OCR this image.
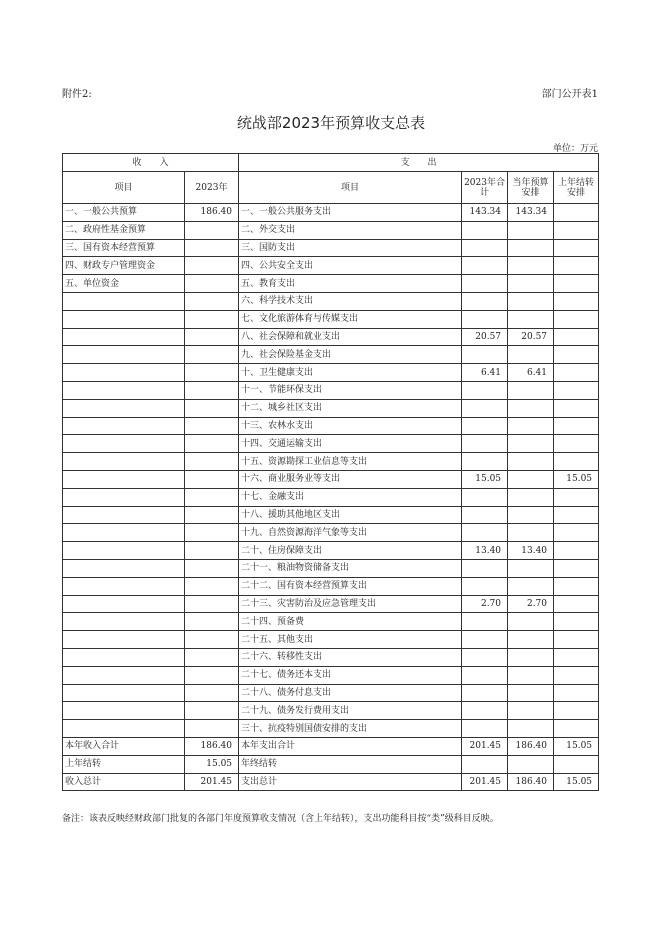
附件2:	部门公开表1
统战部2023年预算收支总表
单位：万元
收　　入		支　　出			
项目	2023年	项目	2023年合计	当年预算安排	上年结转安排
一、一般公共预算	186.40	一、一般公共服务支出	143.34	143.34	
二、政府性基金预算		二、外交支出			
三、国有资本经营预算		三、国防支出			
四、财政专户管理资金		四、公共安全支出			
五、单位资金		五、教育支出			
		六、科学技术支出			
		七、文化旅游体育与传媒支出			
		八、社会保障和就业支出	20.57	20.57	
		九、社会保险基金支出			
		十、卫生健康支出	6.41	6.41	
		十一、节能环保支出			
		十二、城乡社区支出			
		十三、农林水支出			
		十四、交通运输支出			
		十五、资源勘探工业信息等支出			
		十六、商业服务业等支出	15.05		15.05
		十七、金融支出			
		十八、援助其他地区支出			
		十九、自然资源海洋气象等支出			
		二十、住房保障支出	13.40	13.40	
		二十一、粮油物资储备支出			
		二十二、国有资本经营预算支出			
		二十三、灾害防治及应急管理支出	2.70	2.70	
		二十四、预备费			
		二十五、其他支出			
		二十六、转移性支出			
		二十七、债务还本支出			
		二十八、债务付息支出			
		二十九、债务发行费用支出			
		三十、抗疫特别国债安排的支出			
本年收入合计	186.40	本年支出合计	201.45	186.40	15.05
上年结转	15.05	年终结转			
收入总计	201.45	支出总计	201.45	186.40	15.05
备注：该表反映经财政部门批复的各部门年度预算收支情况（含上年结转），支出功能科目按“类”级科目反映。
